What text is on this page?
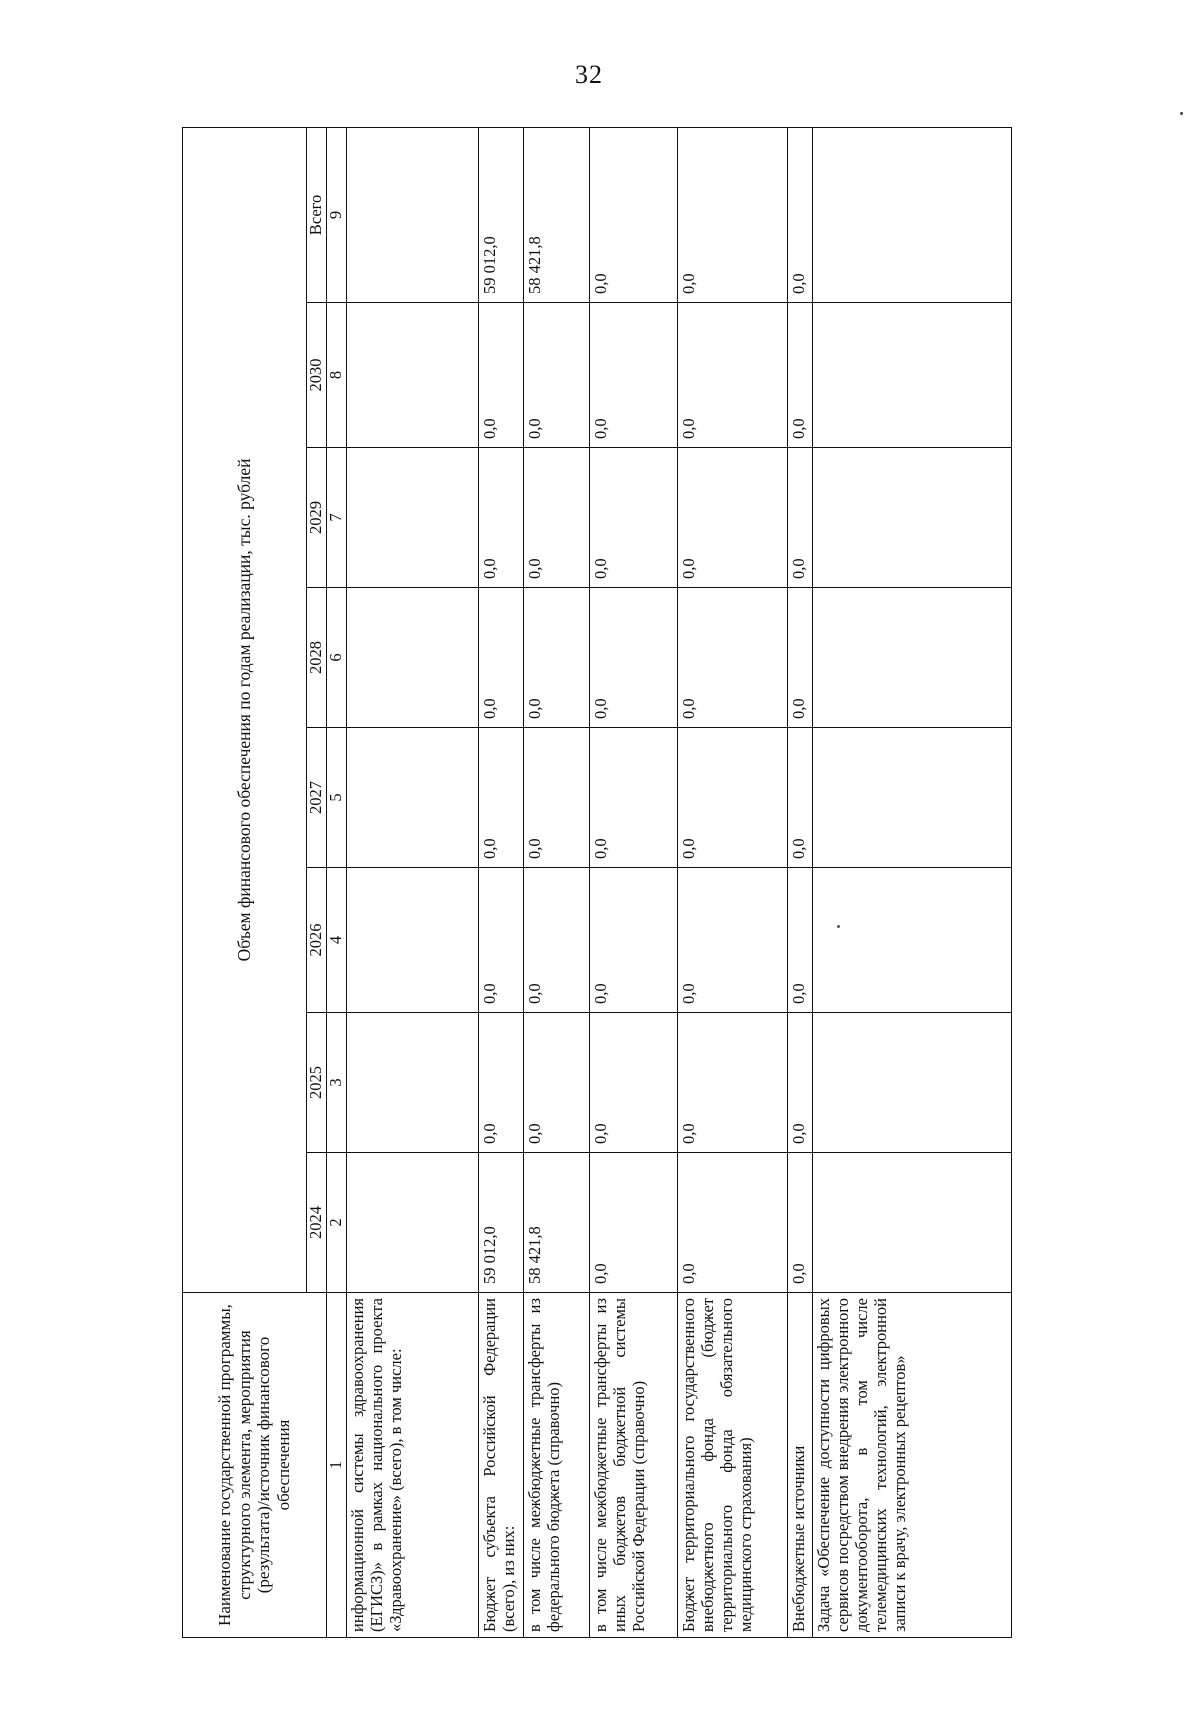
32
Наименование государственной программы, структурного элемента, мероприятия (результата)/источник финансового обеспечения	Объем финансового обеспечения по годам реализации, тыс. рублей							
	2024	2025	2026	2027	2028	2029	2030	Всего
1	2	3	4	5	6	7	8	9
информационной системы здравоохранения (ЕГИСЗ)» в рамках национального проекта «Здравоохранение» (всего), в том числе:								
Бюджет субъекта Российской Федерации (всего), из них:	59 012,0	0,0	0,0	0,0	0,0	0,0	0,0	59 012,0
в том числе межбюджетные трансферты из федерального бюджета (справочно)	58 421,8	0,0	0,0	0,0	0,0	0,0	0,0	58 421,8
в том числе межбюджетные трансферты из иных бюджетов бюджетной системы Российской Федерации (справочно)	0,0	0,0	0,0	0,0	0,0	0,0	0,0	0,0
Бюджет территориального государственного внебюджетного фонда (бюджет территориального фонда обязательного медицинского страхования)	0,0	0,0	0,0	0,0	0,0	0,0	0,0	0,0
Внебюджетные источники	0,0	0,0	0,0	0,0	0,0	0,0	0,0	0,0
Задача «Обеспечение доступности цифровых сервисов посредством внедрения электронного документооборота, в том числе телемедицинских технологий, электронной записи к врачу, электронных рецептов»								
